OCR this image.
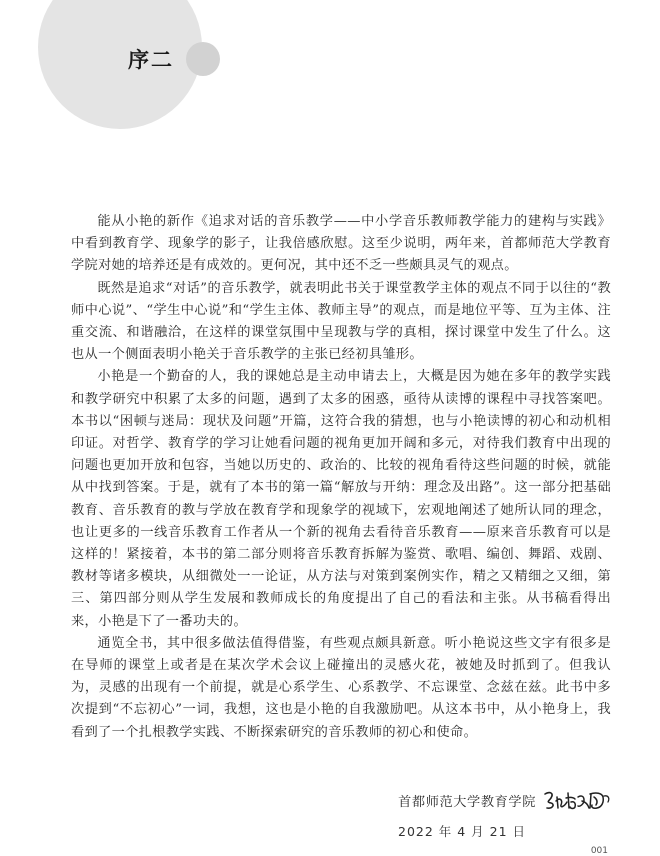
序二

能从小艳的新作《追求对话的音乐教学——中小学音乐教师教学能力的建构与实践》中看到教育学、现象学的影子，让我倍感欣慰。这至少说明，两年来，首都师范大学教育学院对她的培养还是有成效的。更何况，其中还不乏一些颇具灵气的观点。

既然是追求“对话”的音乐教学，就表明此书关于课堂教学主体的观点不同于以往的“教师中心说”、“学生中心说”和“学生主体、教师主导”的观点，而是地位平等、互为主体、注重交流、和谐融洽，在这样的课堂氛围中呈现教与学的真相，探讨课堂中发生了什么。这也从一个侧面表明小艳关于音乐教学的主张已经初具雏形。

小艳是一个勤奋的人，我的课她总是主动申请去上，大概是因为她在多年的教学实践和教学研究中积累了太多的问题，遇到了太多的困惑，亟待从读博的课程中寻找答案吧。本书以“困顿与迷局：现状及问题”开篇，这符合我的猜想，也与小艳读博的初心和动机相印证。对哲学、教育学的学习让她看问题的视角更加开阔和多元，对待我们教育中出现的问题也更加开放和包容，当她以历史的、政治的、比较的视角看待这些问题的时候，就能从中找到答案。于是，就有了本书的第一篇“解放与开纳：理念及出路”。这一部分把基础教育、音乐教育的教与学放在教育学和现象学的视域下，宏观地阐述了她所认同的理念，也让更多的一线音乐教育工作者从一个新的视角去看待音乐教育——原来音乐教育可以是这样的！紧接着，本书的第二部分则将音乐教育拆解为鉴赏、歌唱、编创、舞蹈、戏剧、教材等诸多模块，从细微处一一论证，从方法与对策到案例实作，精之又精细之又细，第三、第四部分则从学生发展和教师成长的角度提出了自己的看法和主张。从书稿看得出来，小艳是下了一番功夫的。

通览全书，其中很多做法值得借鉴，有些观点颇具新意。听小艳说这些文字有很多是在导师的课堂上或者是在某次学术会议上碰撞出的灵感火花，被她及时抓到了。但我认为，灵感的出现有一个前提，就是心系学生、心系教学、不忘课堂、念兹在兹。此书中多次提到“不忘初心”一词，我想，这也是小艳的自我激励吧。从这本书中，从小艳身上，我看到了一个扎根教学实践、不断探索研究的音乐教师的初心和使命。

首都师范大学教育学院
2022 年 4 月 21 日
001
